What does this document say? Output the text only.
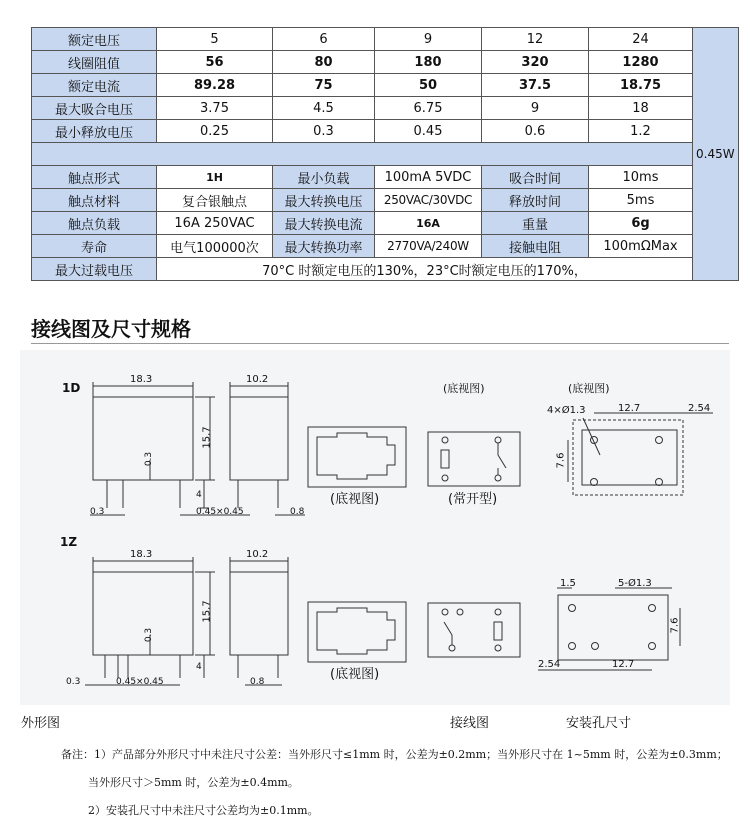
额定电压	5	6	9	12	24	0.45W
线圈阻值	56	80	180	320	1280	
额定电流	89.28	75	50	37.5	18.75	
最大吸合电压	3.75	4.5	6.75	9	18	
最小释放电压	0.25	0.3	0.45	0.6	1.2	

触点形式	1H	最小负载	100mA 5VDC	吸合时间	10ms	
触点材料	复合银触点	最大转换电压	250VAC/30VDC	释放时间	5ms	
触点负载	16A 250VAC	最大转换电流	16A	重量	6g	
寿命	电气100000次	最大转换功率	2770VA/240W	接触电阻	100mΩMax	
最大过载电压	70°C 时额定电压的130%，23°C时额定电压的170%，					
接线图及尺寸规格
1D
18.3	10.2
15.7
0.3
4
0.3	0.45×0.45	0.8
(底视图)
(底视图)
(常开型)
(底视图)
4×Ø1.3	12.7	2.54
7.6
1Z
18.3	10.2
15.7
0.3
4
0.3	0.45×0.45	0.8	(底视图)
1.5	5-Ø1.3
7.6
2.54	12.7
外形图	接线图	安装孔尺寸
备注：1）产品部分外形尺寸中未注尺寸公差：当外形尺寸≤1mm 时，公差为±0.2mm；当外形尺寸在 1~5mm 时，公差为±0.3mm；
当外形尺寸＞5mm 时，公差为±0.4mm。
2）安装孔尺寸中未注尺寸公差均为±0.1mm。
